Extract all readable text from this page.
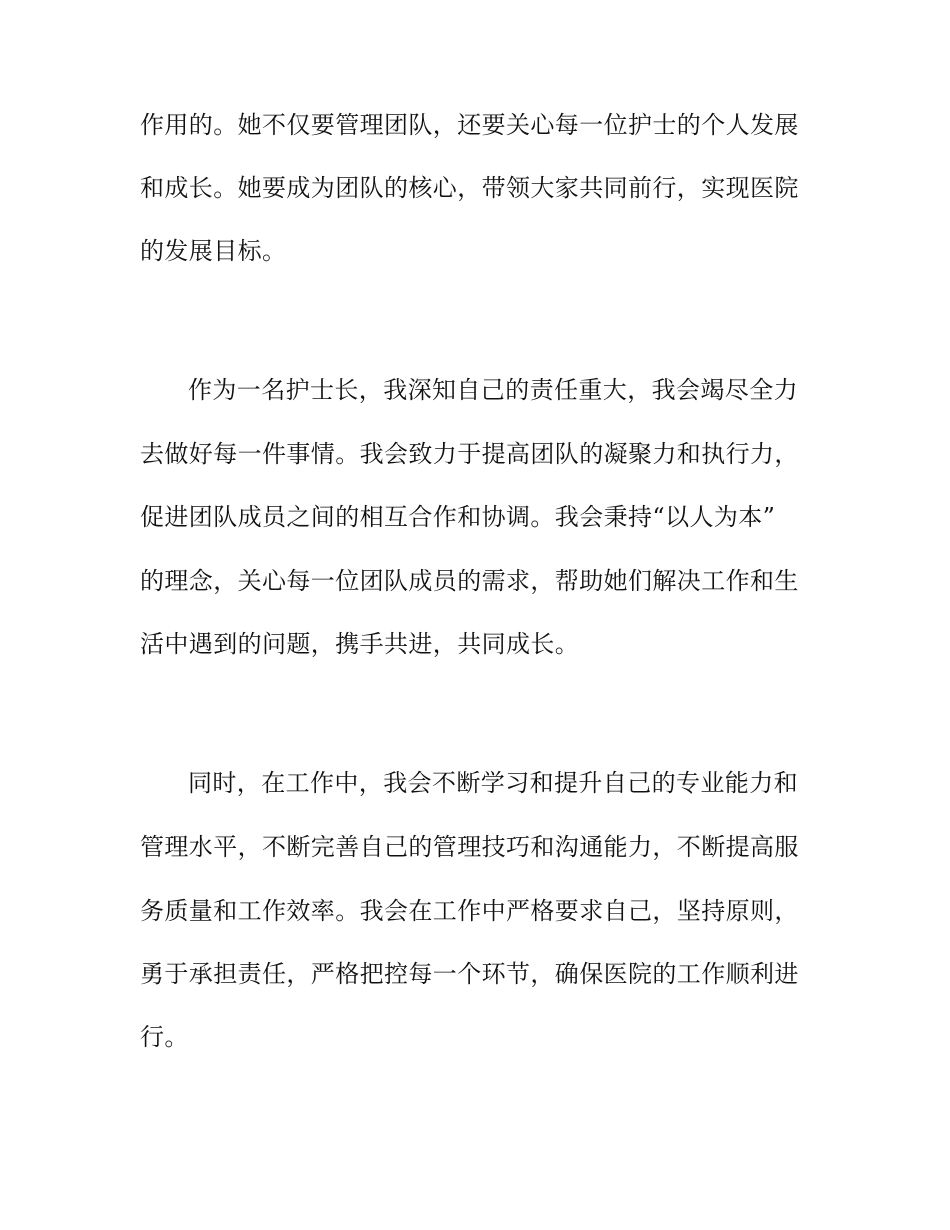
作用的。她不仅要管理团队，还要关心每一位护士的个人发展
和成长。她要成为团队的核心，带领大家共同前行，实现医院
的发展目标。
作为一名护士长，我深知自己的责任重大，我会竭尽全力
去做好每一件事情。我会致力于提高团队的凝聚力和执行力，
促进团队成员之间的相互合作和协调。我会秉持“以人为本”
的理念，关心每一位团队成员的需求，帮助她们解决工作和生
活中遇到的问题，携手共进，共同成长。
同时，在工作中，我会不断学习和提升自己的专业能力和
管理水平，不断完善自己的管理技巧和沟通能力，不断提高服
务质量和工作效率。我会在工作中严格要求自己，坚持原则，
勇于承担责任，严格把控每一个环节，确保医院的工作顺利进
行。
